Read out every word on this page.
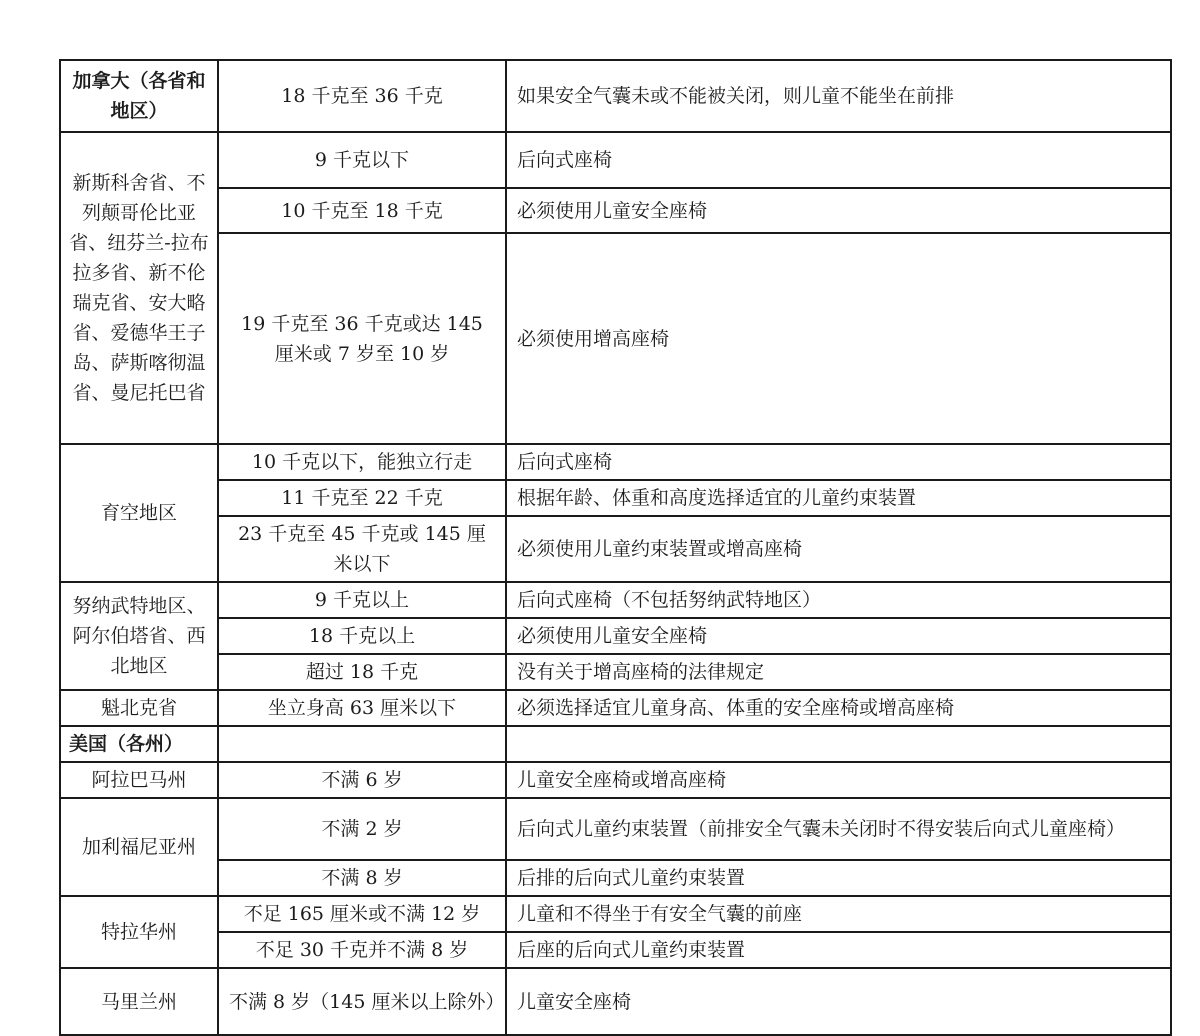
加拿大（各省和地区）	18 千克至 36 千克	如果安全气囊未或不能被关闭，则儿童不能坐在前排
新斯科舍省、不列颠哥伦比亚省、纽芬兰-拉布拉多省、新不伦瑞克省、安大略省、爱德华王子岛、萨斯喀彻温省、曼尼托巴省	9 千克以下	后向式座椅
	10 千克至 18 千克	必须使用儿童安全座椅
	19 千克至 36 千克或达 145 厘米或 7 岁至 10 岁	必须使用增高座椅
育空地区	10 千克以下，能独立行走	后向式座椅
	11 千克至 22 千克	根据年龄、体重和高度选择适宜的儿童约束装置
	23 千克至 45 千克或 145 厘米以下	必须使用儿童约束装置或增高座椅
努纳武特地区、阿尔伯塔省、西北地区	9 千克以上	后向式座椅（不包括努纳武特地区）
	18 千克以上	必须使用儿童安全座椅
	超过 18 千克	没有关于增高座椅的法律规定
魁北克省	坐立身高 63 厘米以下	必须选择适宜儿童身高、体重的安全座椅或增高座椅
美国（各州）		
阿拉巴马州	不满 6 岁	儿童安全座椅或增高座椅
加利福尼亚州	不满 2 岁	后向式儿童约束装置（前排安全气囊未关闭时不得安装后向式儿童座椅）
	不满 8 岁	后排的后向式儿童约束装置
特拉华州	不足 165 厘米或不满 12 岁	儿童和不得坐于有安全气囊的前座
	不足 30 千克并不满 8 岁	后座的后向式儿童约束装置
马里兰州	不满 8 岁（145 厘米以上除外）	儿童安全座椅
